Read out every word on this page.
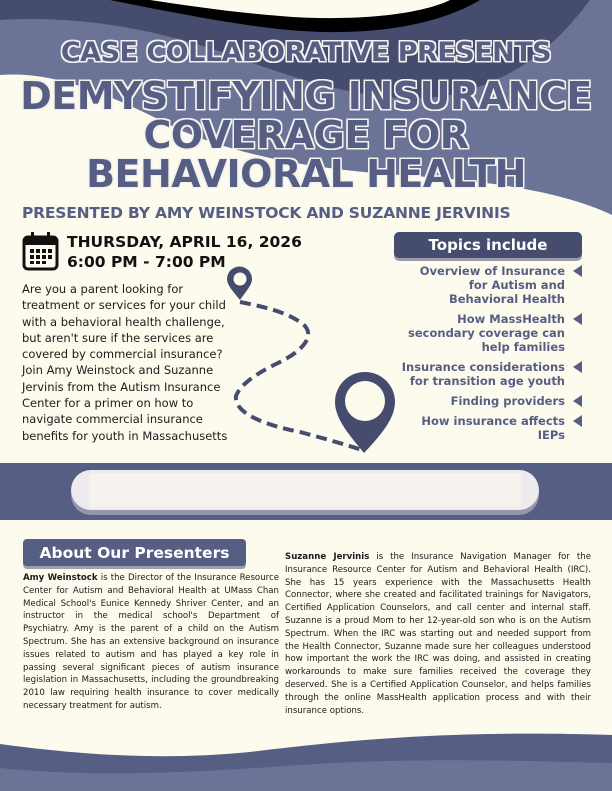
CASE COLLABORATIVE PRESENTS
DEMYSTIFYING INSURANCE
COVERAGE FOR
BEHAVIORAL HEALTH
PRESENTED BY AMY WEINSTOCK AND SUZANNE JERVINIS
THURSDAY, APRIL 16, 2026
6:00 PM - 7:00 PM
Are you a parent looking for treatment or services for your child with a behavioral health challenge, but aren't sure if the services are covered by commercial insurance? Join Amy Weinstock and Suzanne Jervinis from the Autism Insurance Center for a primer on how to navigate commercial insurance benefits for youth in Massachusetts
Topics include
Overview of Insurance for Autism and Behavioral Health
How MassHealth secondary coverage can help families
Insurance considerations for transition age youth
Finding providers
How insurance affects IEPs
About Our Presenters
Amy Weinstock is the Director of the Insurance Resource Center for Autism and Behavioral Health at UMass Chan Medical School's Eunice Kennedy Shriver Center, and an instructor in the medical school's Department of Psychiatry. Amy is the parent of a child on the Autism Spectrum. She has an extensive background on insurance issues related to autism and has played a key role in passing several significant pieces of autism insurance legislation in Massachusetts, including the groundbreaking 2010 law requiring health insurance to cover medically necessary treatment for autism.
Suzanne Jervinis is the Insurance Navigation Manager for the Insurance Resource Center for Autism and Behavioral Health (IRC). She has 15 years experience with the Massachusetts Health Connector, where she created and facilitated trainings for Navigators, Certified Application Counselors, and call center and internal staff. Suzanne is a proud Mom to her 12-year-old son who is on the Autism Spectrum. When the IRC was starting out and needed support from the Health Connector, Suzanne made sure her colleagues understood how important the work the IRC was doing, and assisted in creating workarounds to make sure families received the coverage they deserved. She is a Certified Application Counselor, and helps families through the online MassHealth application process and with their insurance options.
